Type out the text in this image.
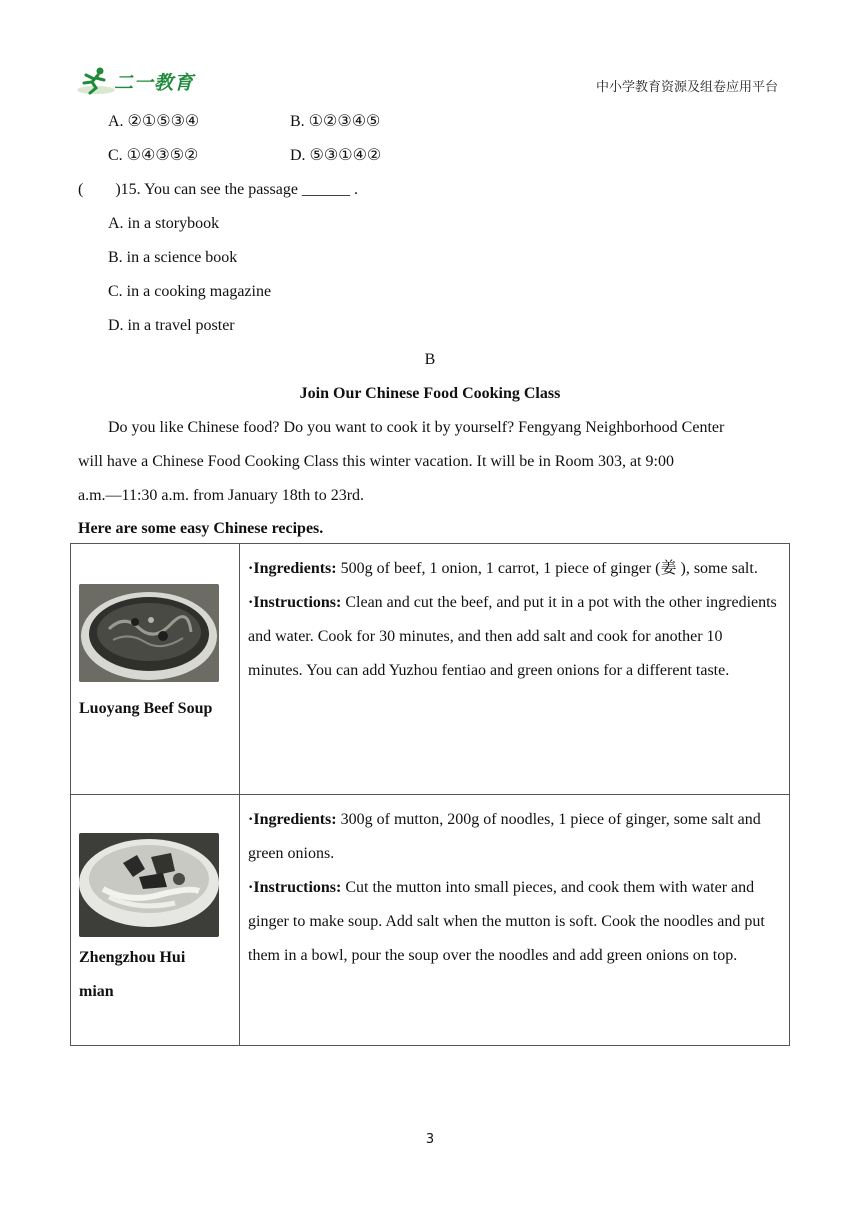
二一教育	中小学教育资源及组卷应用平台
A. ②①⑤③④	B. ①②③④⑤
C. ①④③⑤②	D. ⑤③①④②
(        )15. You can see the passage ______ .
A. in a storybook
B. in a science book
C. in a cooking magazine
D. in a travel poster
B
Join Our Chinese Food Cooking Class
Do you like Chinese food? Do you want to cook it by yourself? Fengyang Neighborhood Center
will have a Chinese Food Cooking Class this winter vacation. It will be in Room 303, at 9:00
a.m.—11:30 a.m. from January 18th to 23rd.
Here are some easy Chinese recipes.
Luoyang Beef Soup	·Ingredients: 500g of beef, 1 onion, 1 carrot, 1 piece of ginger (姜 ), some salt.
·Instructions: Clean and cut the beef, and put it in a pot with the other ingredients and water. Cook for 30 minutes, and then add salt and cook for another 10 minutes. You can add Yuzhou fentiao and green onions for a different taste.

Zhengzhou Hui mian	·Ingredients: 300g of mutton, 200g of noodles, 1 piece of ginger, some salt and green onions.
·Instructions: Cut the mutton into small pieces, and cook them with water and ginger to make soup. Add salt when the mutton is soft. Cook the noodles and put them in a bowl, pour the soup over the noodles and add green onions on top.
3
